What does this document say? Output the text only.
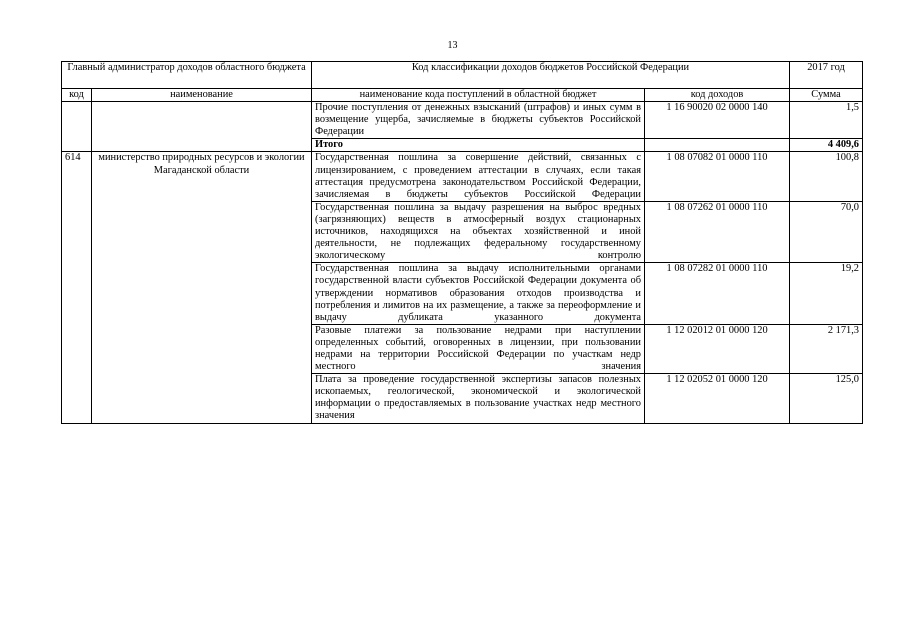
13
Главный администратор доходов областного бюджета		Код классификации доходов бюджетов Российской Федерации		2017 год
код	наименование	наименование кода поступлений в областной бюджет	код доходов	Сумма
		Прочие поступления от денежных взысканий (штрафов) и иных сумм в возмещение ущерба, зачисляемые в бюджеты субъектов Российской Федерации	1 16 90020 02 0000 140	1,5
		Итого		4 409,6
614	министерство природных ресурсов и экологии Магаданской области	Государственная пошлина за совершение действий, связанных с лицензированием, с проведением аттестации в случаях, если такая аттестация предусмотрена законодательством Российской Федерации, зачисляемая в бюджеты субъектов Российской Федерации	1 08 07082 01 0000 110	100,8
		Государственная пошлина за выдачу разрешения на выброс вредных (загрязняющих) веществ в атмосферный воздух стационарных источников, находящихся на объектах хозяйственной и иной деятельности, не подлежащих федеральному государственному экологическому контролю	1 08 07262 01 0000 110	70,0
		Государственная пошлина за выдачу исполнительными органами государственной власти субъектов Российской Федерации документа об утверждении нормативов образования отходов производства и потребления и лимитов на их размещение, а также за переоформление и выдачу дубликата указанного документа	1 08 07282 01 0000 110	19,2
		Разовые платежи за пользование недрами при наступлении определенных событий, оговоренных в лицензии, при пользовании недрами на территории Российской Федерации по участкам недр местного значения	1 12 02012 01 0000 120	2 171,3
		Плата за проведение государственной экспертизы запасов полезных ископаемых, геологической, экономической и экологической информации о предоставляемых в пользование участках недр местного значения	1 12 02052 01 0000 120	125,0
